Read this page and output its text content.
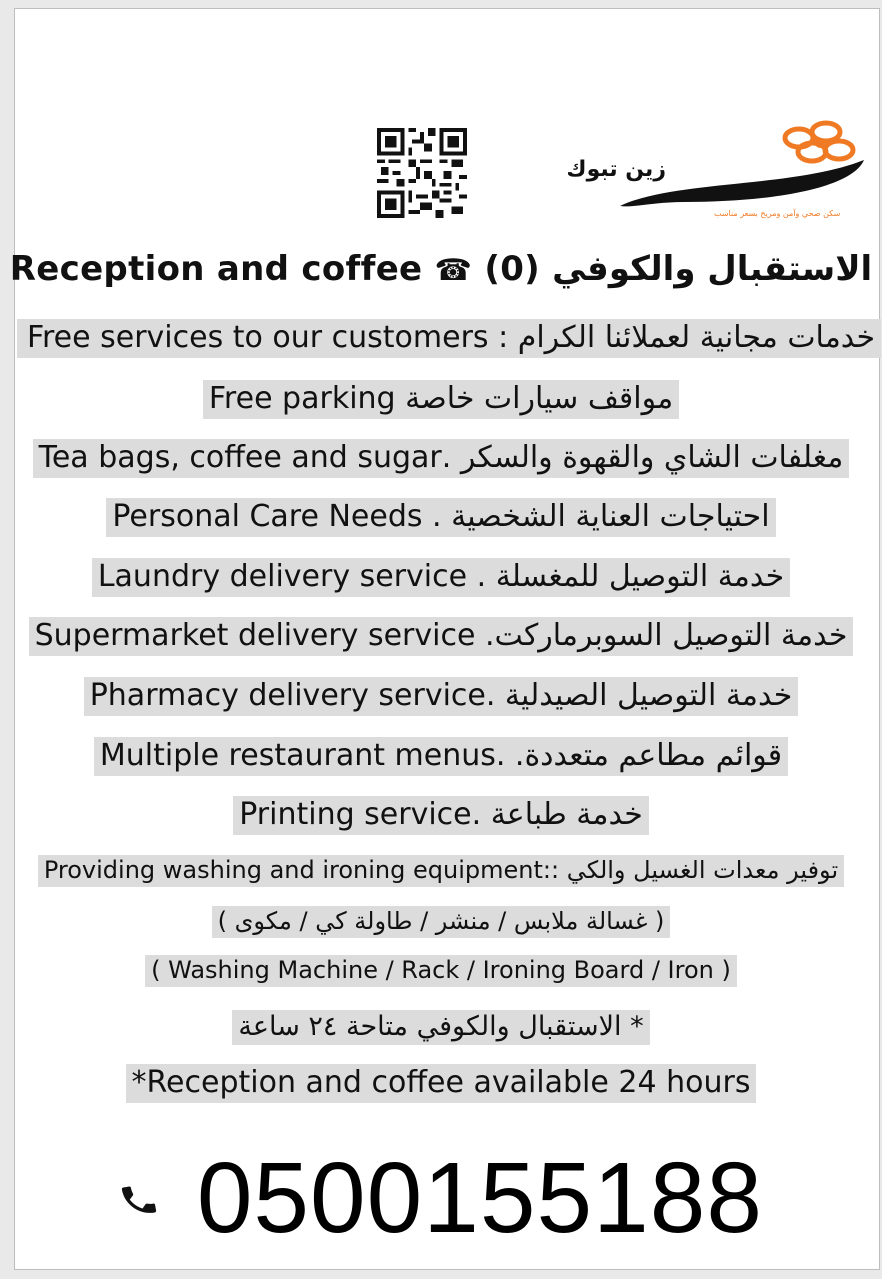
زين تبوك
سكن صحي وآمن ومريح بسعر مناسب
Reception and coffee ☎ (0) الاستقبال والكوفي
خدمات مجانية لعملائنا الكرام : Free services to our customers
مواقف سيارات خاصة Free parking
مغلفات الشاي والقهوة والسكر .Tea bags, coffee and sugar
احتياجات العناية الشخصية . Personal Care Needs
خدمة التوصيل للمغسلة . Laundry delivery service
خدمة التوصيل السوبرماركت. Supermarket delivery service
خدمة التوصيل الصيدلية .Pharmacy delivery service
قوائم مطاعم متعددة. .Multiple restaurant menus
خدمة طباعة .Printing service
توفير معدات الغسيل والكي ::Providing washing and ironing equipment
( غسالة ملابس / منشر / طاولة كي / مكوى )
( Washing Machine / Rack / Ironing Board / Iron )
* الاستقبال والكوفي متاحة ٢٤ ساعة
*Reception and coffee available 24 hours
0500155188
